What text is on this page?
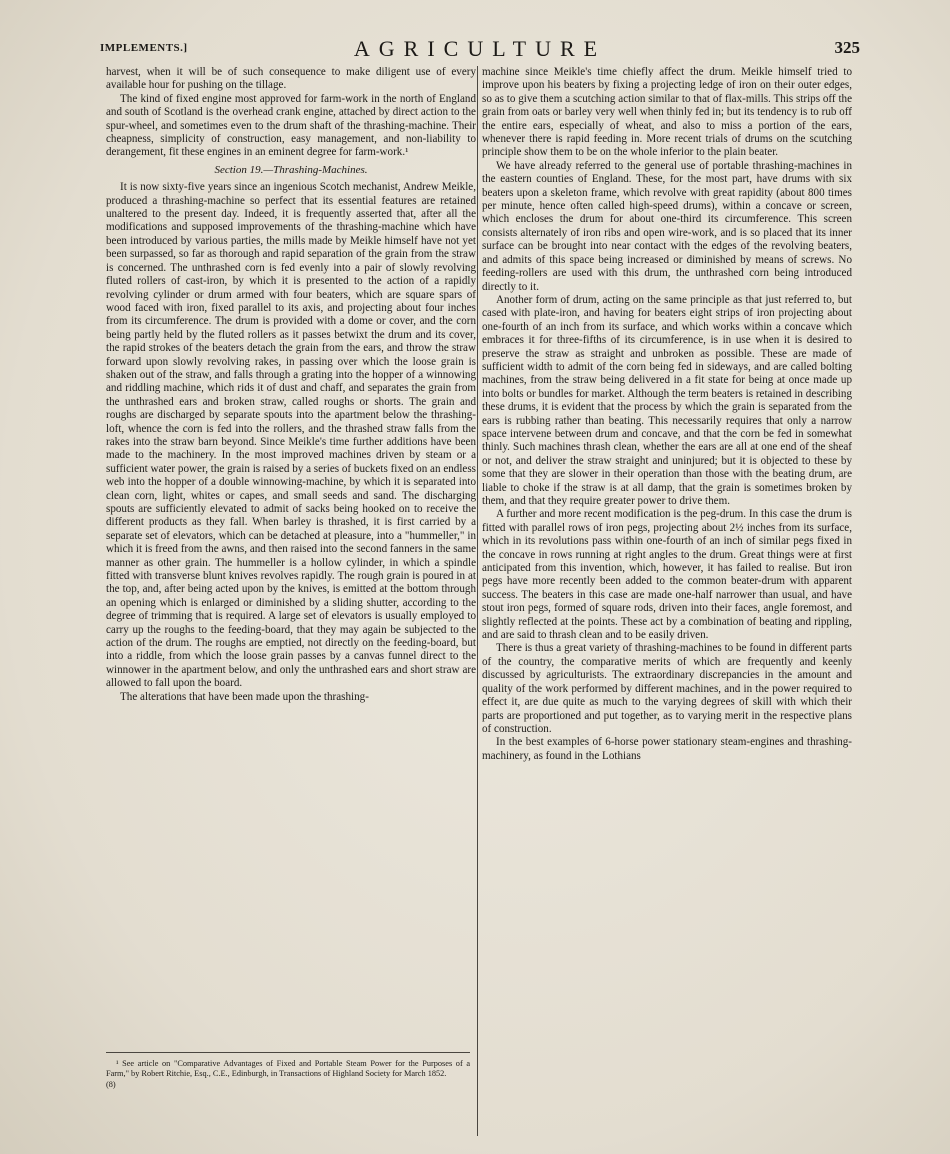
IMPLEMENTS.]	AGRICULTURE	325

harvest, when it will be of such consequence to make diligent use of every available hour for pushing on the tillage.

The kind of fixed engine most approved for farm-work in the north of England and south of Scotland is the overhead crank engine, attached by direct action to the spur-wheel, and sometimes even to the drum shaft of the thrashing-machine. Their cheapness, simplicity of construction, easy management, and non-liability to derangement, fit these engines in an eminent degree for farm-work.¹

Section 19.—Thrashing-Machines.

It is now sixty-five years since an ingenious Scotch mechanist, Andrew Meikle, produced a thrashing-machine so perfect that its essential features are retained unaltered to the present day. Indeed, it is frequently asserted that, after all the modifications and supposed improvements of the thrashing-machine which have been introduced by various parties, the mills made by Meikle himself have not yet been surpassed, so far as thorough and rapid separation of the grain from the straw is concerned. The unthrashed corn is fed evenly into a pair of slowly revolving fluted rollers of cast-iron, by which it is presented to the action of a rapidly revolving cylinder or drum armed with four beaters, which are square spars of wood faced with iron, fixed parallel to its axis, and projecting about four inches from its circumference. The drum is provided with a dome or cover, and the corn being partly held by the fluted rollers as it passes betwixt the drum and its cover, the rapid strokes of the beaters detach the grain from the ears, and throw the straw forward upon slowly revolving rakes, in passing over which the loose grain is shaken out of the straw, and falls through a grating into the hopper of a winnowing and riddling machine, which rids it of dust and chaff, and separates the grain from the unthrashed ears and broken straw, called roughs or shorts. The grain and roughs are discharged by separate spouts into the apartment below the thrashing-loft, whence the corn is fed into the rollers, and the thrashed straw falls from the rakes into the straw barn beyond. Since Meikle's time further additions have been made to the machinery. In the most improved machines driven by steam or a sufficient water power, the grain is raised by a series of buckets fixed on an endless web into the hopper of a double winnowing-machine, by which it is separated into clean corn, light, whites or capes, and small seeds and sand. The discharging spouts are sufficiently elevated to admit of sacks being hooked on to receive the different products as they fall. When barley is thrashed, it is first carried by a separate set of elevators, which can be detached at pleasure, into a "hummeller," in which it is freed from the awns, and then raised into the second fanners in the same manner as other grain. The hummeller is a hollow cylinder, in which a spindle fitted with transverse blunt knives revolves rapidly. The rough grain is poured in at the top, and, after being acted upon by the knives, is emitted at the bottom through an opening which is enlarged or diminished by a sliding shutter, according to the degree of trimming that is required. A large set of elevators is usually employed to carry up the roughs to the feeding-board, that they may again be subjected to the action of the drum. The roughs are emptied, not directly on the feeding-board, but into a riddle, from which the loose grain passes by a canvas funnel direct to the winnower in the apartment below, and only the unthrashed ears and short straw are allowed to fall upon the board.

The alterations that have been made upon the thrashing-

¹ See article on "Comparative Advantages of Fixed and Portable Steam Power for the Purposes of a Farm," by Robert Ritchie, Esq., C.E., Edinburgh, in Transactions of Highland Society for March 1852.

(8)

machine since Meikle's time chiefly affect the drum. Meikle himself tried to improve upon his beaters by fixing a projecting ledge of iron on their outer edges, so as to give them a scutching action similar to that of flax-mills. This strips off the grain from oats or barley very well when thinly fed in; but its tendency is to rub off the entire ears, especially of wheat, and also to miss a portion of the ears, whenever there is rapid feeding in. More recent trials of drums on the scutching principle show them to be on the whole inferior to the plain beater.

We have already referred to the general use of portable thrashing-machines in the eastern counties of England. These, for the most part, have drums with six beaters upon a skeleton frame, which revolve with great rapidity (about 800 times per minute, hence often called high-speed drums), within a concave or screen, which encloses the drum for about one-third its circumference. This screen consists alternately of iron ribs and open wire-work, and is so placed that its inner surface can be brought into near contact with the edges of the revolving beaters, and admits of this space being increased or diminished by means of screws. No feeding-rollers are used with this drum, the unthrashed corn being introduced directly to it.

Another form of drum, acting on the same principle as that just referred to, but cased with plate-iron, and having for beaters eight strips of iron projecting about one-fourth of an inch from its surface, and which works within a concave which embraces it for three-fifths of its circumference, is in use when it is desired to preserve the straw as straight and unbroken as possible. These are made of sufficient width to admit of the corn being fed in sideways, and are called bolting machines, from the straw being delivered in a fit state for being at once made up into bolts or bundles for market. Although the term beaters is retained in describing these drums, it is evident that the process by which the grain is separated from the ears is rubbing rather than beating. This necessarily requires that only a narrow space intervene between drum and concave, and that the corn be fed in somewhat thinly. Such machines thrash clean, whether the ears are all at one end of the sheaf or not, and deliver the straw straight and uninjured; but it is objected to these by some that they are slower in their operation than those with the beating drum, are liable to choke if the straw is at all damp, that the grain is sometimes broken by them, and that they require greater power to drive them.

A further and more recent modification is the peg-drum. In this case the drum is fitted with parallel rows of iron pegs, projecting about 2½ inches from its surface, which in its revolutions pass within one-fourth of an inch of similar pegs fixed in the concave in rows running at right angles to the drum. Great things were at first anticipated from this invention, which, however, it has failed to realise. But iron pegs have more recently been added to the common beater-drum with apparent success. The beaters in this case are made one-half narrower than usual, and have stout iron pegs, formed of square rods, driven into their faces, angle foremost, and slightly reflected at the points. These act by a combination of beating and rippling, and are said to thrash clean and to be easily driven.

There is thus a great variety of thrashing-machines to be found in different parts of the country, the comparative merits of which are frequently and keenly discussed by agriculturists. The extraordinary discrepancies in the amount and quality of the work performed by different machines, and in the power required to effect it, are due quite as much to the varying degrees of skill with which their parts are proportioned and put together, as to varying merit in the respective plans of construction.

In the best examples of 6-horse power stationary steam-engines and thrashing-machinery, as found in the Lothians
